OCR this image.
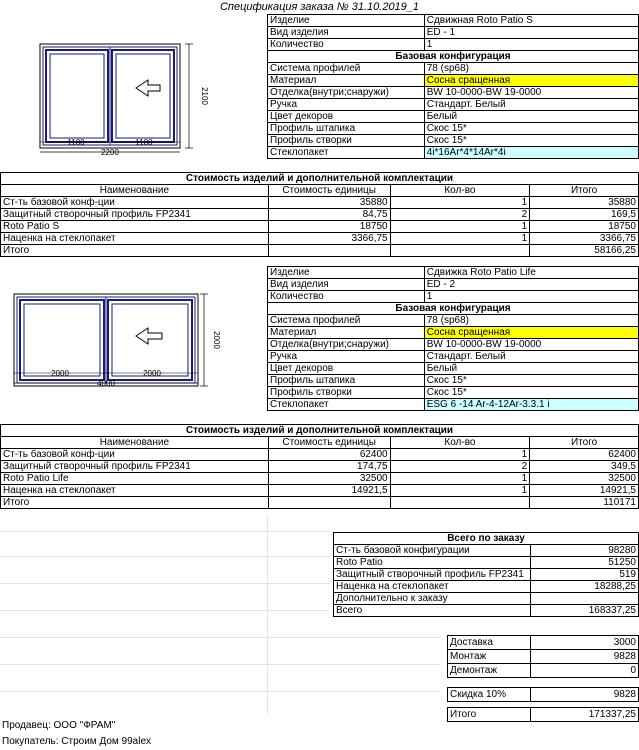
Спецификация заказа № 31.10.2019_1
2100
1100	1100
2200
Изделие	Сдвижная Roto Patio S
Вид изделия	ED - 1
Количество	1
Базовая конфигурация	
Система профилей	78 (sp68)
Материал	Сосна сращенная
Отделка(внутри;снаружи)	BW 10-0000-BW 19-0000
Ручка	Стандарт. Белый
Цвет декоров	Белый
Профиль штапика	Скос 15*
Профиль створки	Скос 15*
Стеклопакет	4i*16Ar*4*14Ar*4i
Стоимость изделий и дополнительной комплектации			
Наименование	Стоимость единицы	Кол-во	Итого
Ст-ть базовой конф-ции	35880	1	35880
Защитный створочный профиль FP2341	84,75	2	169,5
Roto Patio S	18750	1	18750
Наценка на стеклопакет	3366,75	1	3366,75
Итого			58166,25
2000
2000	2000
4000
Изделие	Сдвижка Roto Patio Life
Вид изделия	ED - 2
Количество	1
Базовая конфигурация	
Система профилей	78 (sp68)
Материал	Сосна сращенная
Отделка(внутри;снаружи)	BW 10-0000-BW 19-0000
Ручка	Стандарт. Белый
Цвет декоров	Белый
Профиль штапика	Скос 15*
Профиль створки	Скос 15*
Стеклопакет	ESG 6 -14 Ar-4-12Ar-3.3.1 i
Стоимость изделий и дополнительной комплектации			
Наименование	Стоимость единицы	Кол-во	Итого
Ст-ть базовой конф-ции	62400	1	62400
Защитный створочный профиль FP2341	174,75	2	349,5
Roto Patio Life	32500	1	32500
Наценка на стеклопакет	14921,5	1	14921,5
Итого			110171
Всего по заказу	
Ст-ть базовой конфигурации	98280
Roto Patio	51250
Защитный створочный профиль FP2341	519
Наценка на стеклопакет	18288,25
Дополнительно к заказу	
Всего	168337,25
Доставка	3000
Монтаж	9828
Демонтаж	0
Скидка 10%	9828
Итого	171337,25
Продавец: ООО "ФРАМ"
Покупатель: Строим Дом 99alex
